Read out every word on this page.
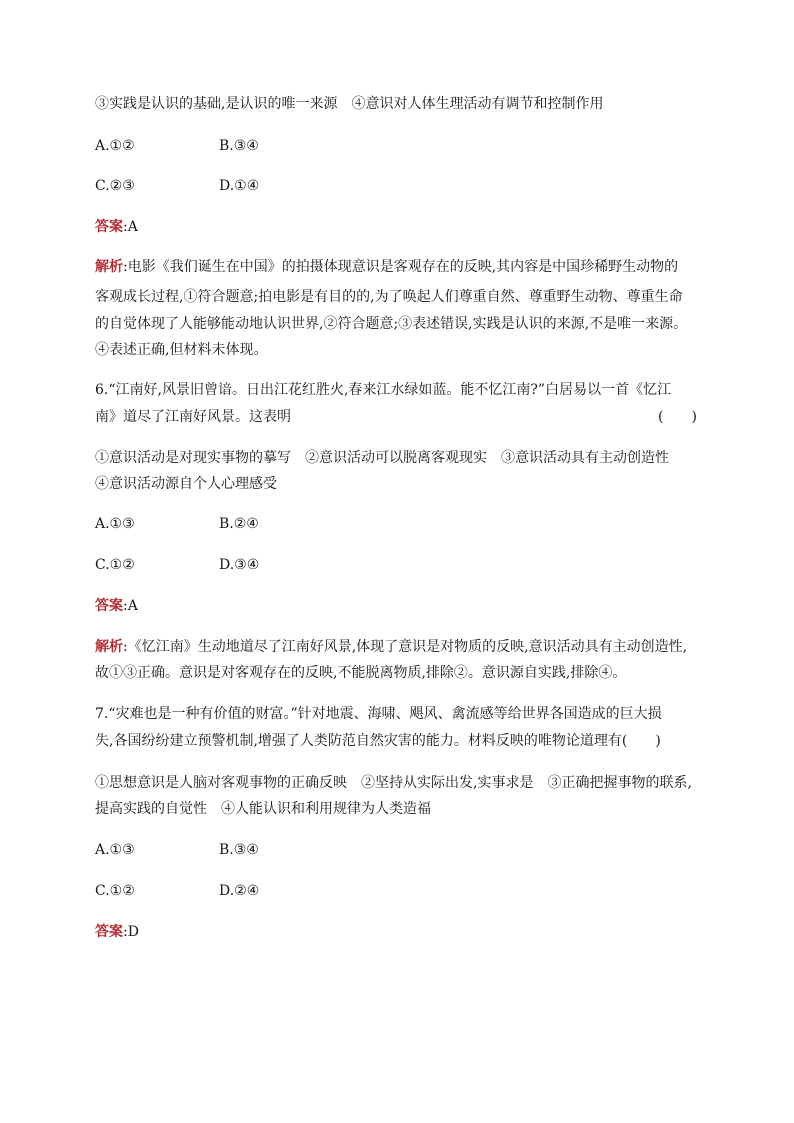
③实践是认识的基础,是认识的唯一来源　④意识对人体生理活动有调节和控制作用
A.①②	B.③④
C.②③	D.①④
答案:A
解析:电影《我们诞生在中国》的拍摄体现意识是客观存在的反映,其内容是中国珍稀野生动物的
客观成长过程,①符合题意;拍电影是有目的的,为了唤起人们尊重自然、尊重野生动物、尊重生命
的自觉体现了人能够能动地认识世界,②符合题意;③表述错误,实践是认识的来源,不是唯一来源。
④表述正确,但材料未体现。
6.“江南好,风景旧曾谙。日出江花红胜火,春来江水绿如蓝。能不忆江南?”白居易以一首《忆江
南》道尽了江南好风景。这表明	(　　)
①意识活动是对现实事物的摹写　②意识活动可以脱离客观现实　③意识活动具有主动创造性
④意识活动源自个人心理感受
A.①③	B.②④
C.①②	D.③④
答案:A
解析:《忆江南》生动地道尽了江南好风景,体现了意识是对物质的反映,意识活动具有主动创造性,
故①③正确。意识是对客观存在的反映,不能脱离物质,排除②。意识源自实践,排除④。
7.“灾难也是一种有价值的财富。”针对地震、海啸、飓风、禽流感等给世界各国造成的巨大损
失,各国纷纷建立预警机制,增强了人类防范自然灾害的能力。材料反映的唯物论道理有(　　)
①思想意识是人脑对客观事物的正确反映　②坚持从实际出发,实事求是　③正确把握事物的联系,
提高实践的自觉性　④人能认识和利用规律为人类造福
A.①③	B.③④
C.①②	D.②④
答案:D
